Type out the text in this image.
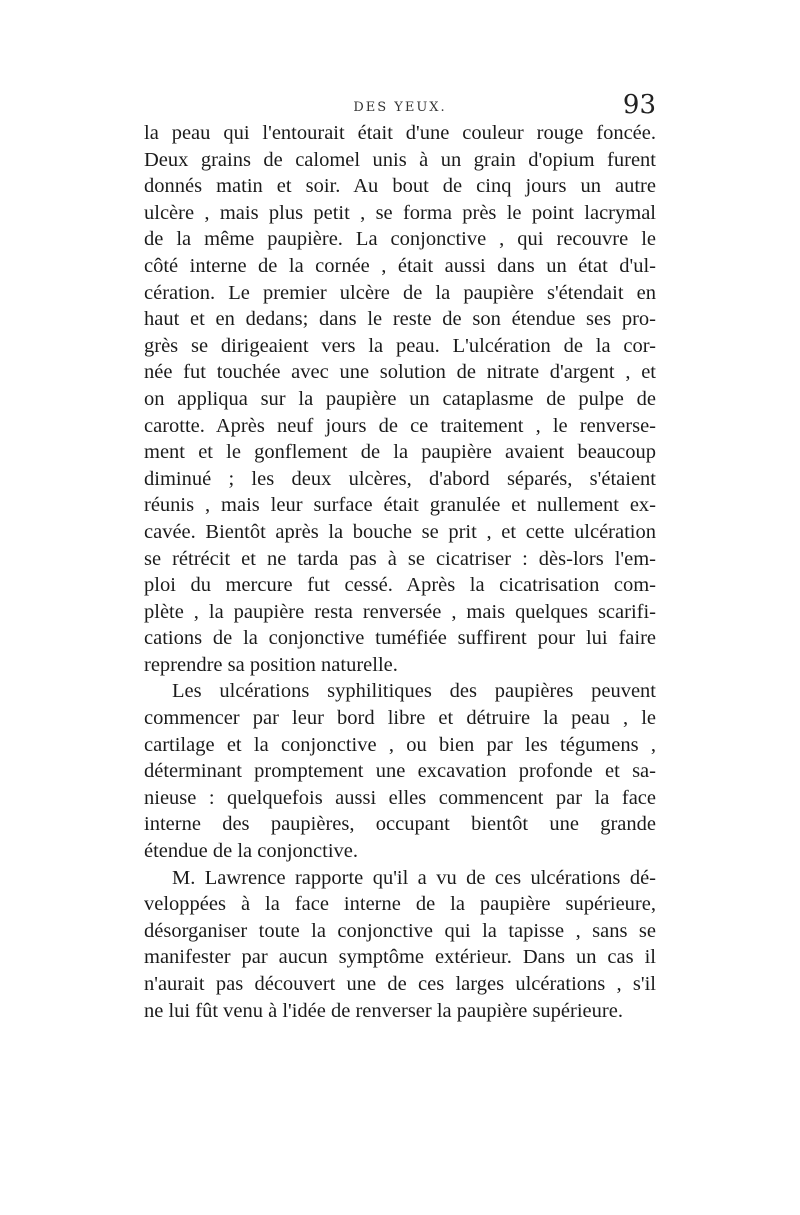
DES YEUX.	93
la peau qui l'entourait était d'une couleur rouge foncée.
Deux grains de calomel unis à un grain d'opium furent
donnés matin et soir. Au bout de cinq jours un autre
ulcère , mais plus petit , se forma près le point lacrymal
de la même paupière. La conjonctive , qui recouvre le
côté interne de la cornée , était aussi dans un état d'ul-
cération. Le premier ulcère de la paupière s'étendait en
haut et en dedans; dans le reste de son étendue ses pro-
grès se dirigeaient vers la peau. L'ulcération de la cor-
née fut touchée avec une solution de nitrate d'argent , et
on appliqua sur la paupière un cataplasme de pulpe de
carotte. Après neuf jours de ce traitement , le renverse-
ment et le gonflement de la paupière avaient beaucoup
diminué ; les deux ulcères, d'abord séparés, s'étaient
réunis , mais leur surface était granulée et nullement ex-
cavée. Bientôt après la bouche se prit , et cette ulcération
se rétrécit et ne tarda pas à se cicatriser : dès-lors l'em-
ploi du mercure fut cessé. Après la cicatrisation com-
plète , la paupière resta renversée , mais quelques scarifi-
cations de la conjonctive tuméfiée suffirent pour lui faire
reprendre sa position naturelle.
Les ulcérations syphilitiques des paupières peuvent
commencer par leur bord libre et détruire la peau , le
cartilage et la conjonctive , ou bien par les tégumens ,
déterminant promptement une excavation profonde et sa-
nieuse : quelquefois aussi elles commencent par la face
interne des paupières, occupant bientôt une grande
étendue de la conjonctive.
M. Lawrence rapporte qu'il a vu de ces ulcérations dé-
veloppées à la face interne de la paupière supérieure,
désorganiser toute la conjonctive qui la tapisse , sans se
manifester par aucun symptôme extérieur. Dans un cas il
n'aurait pas découvert une de ces larges ulcérations , s'il
ne lui fût venu à l'idée de renverser la paupière supérieure.
